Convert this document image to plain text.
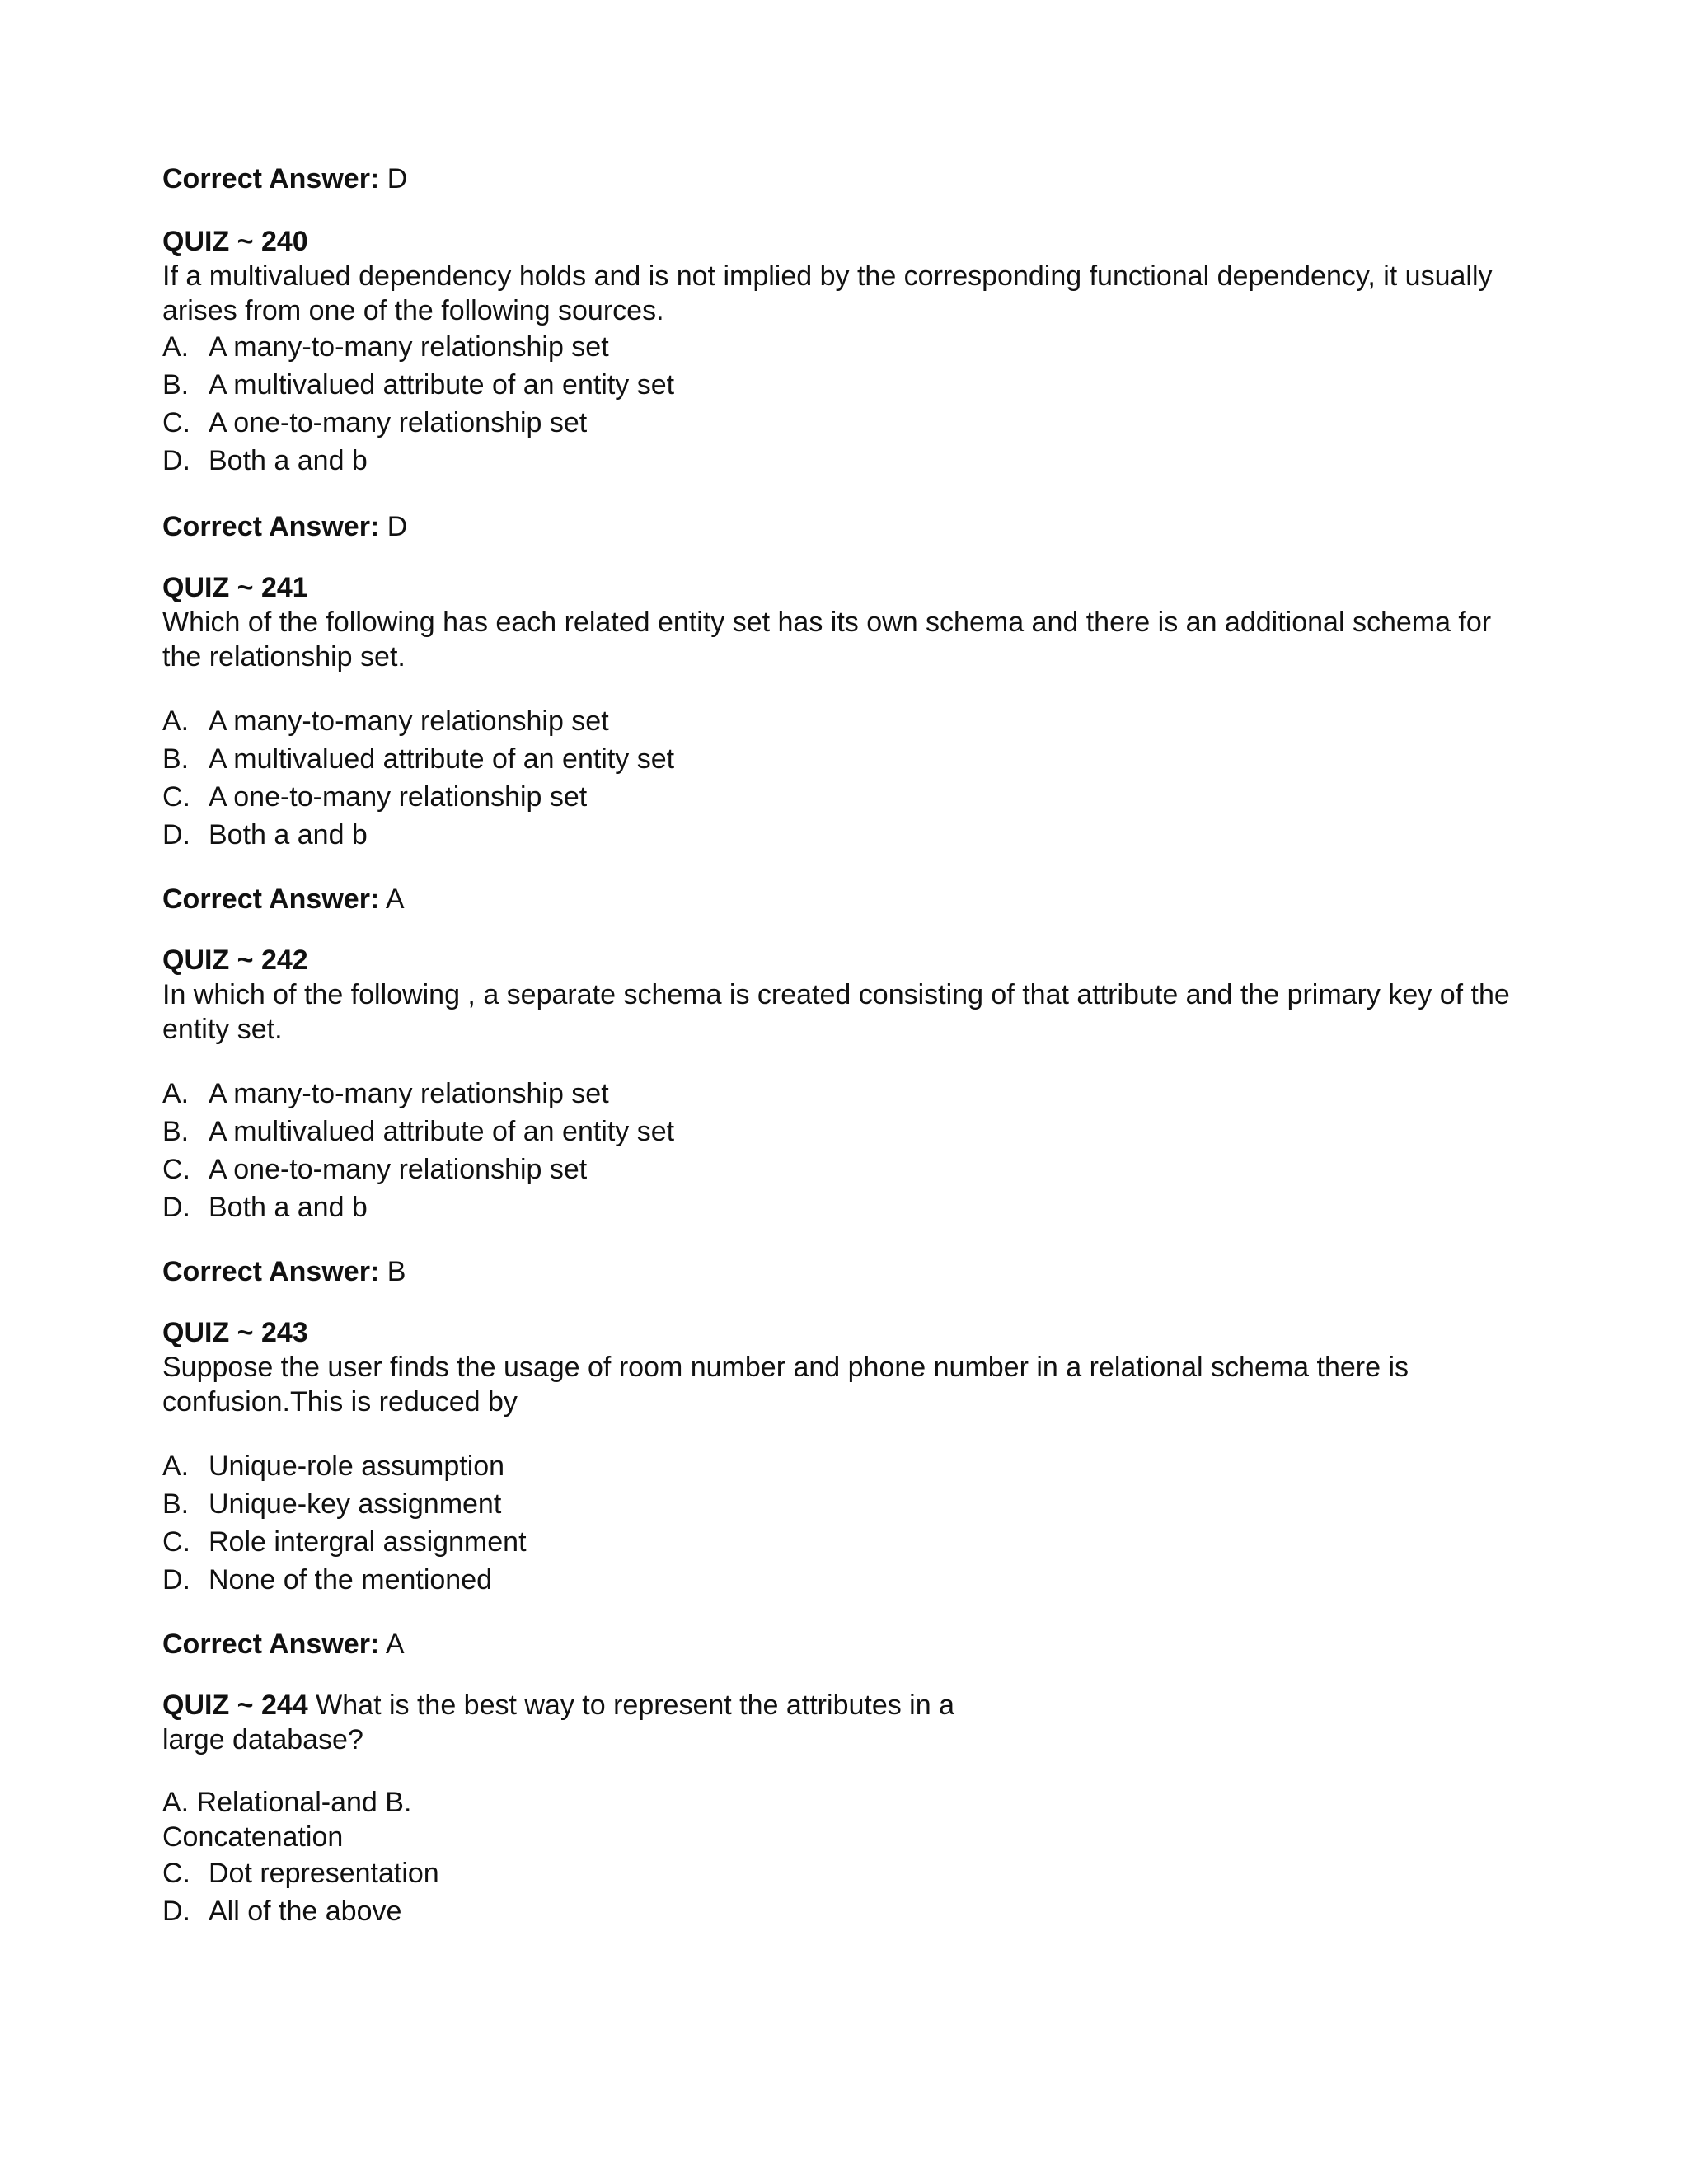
Correct Answer: D
QUIZ ~ 240
If a multivalued dependency holds and is not implied by the corresponding functional dependency, it usually
arises from one of the following sources.
A. A many-to-many relationship set
B. A multivalued attribute of an entity set
C. A one-to-many relationship set
D. Both a and b
Correct Answer: D
QUIZ ~ 241
Which of the following has each related entity set has its own schema and there is an additional schema for
the relationship set.
A. A many-to-many relationship set
B. A multivalued attribute of an entity set
C. A one-to-many relationship set
D. Both a and b
Correct Answer: A
QUIZ ~ 242
In which of the following , a separate schema is created consisting of that attribute and the primary key of the
entity set.
A. A many-to-many relationship set
B. A multivalued attribute of an entity set
C. A one-to-many relationship set
D. Both a and b
Correct Answer: B
QUIZ ~ 243
Suppose the user finds the usage of room number and phone number in a relational schema there is
confusion.This is reduced by
A. Unique-role assumption
B. Unique-key assignment
C. Role intergral assignment
D. None of the mentioned
Correct Answer: A
QUIZ ~ 244 What is the best way to represent the attributes in a
large database?
A. Relational-and B.
Concatenation
C. Dot representation
D. All of the above
